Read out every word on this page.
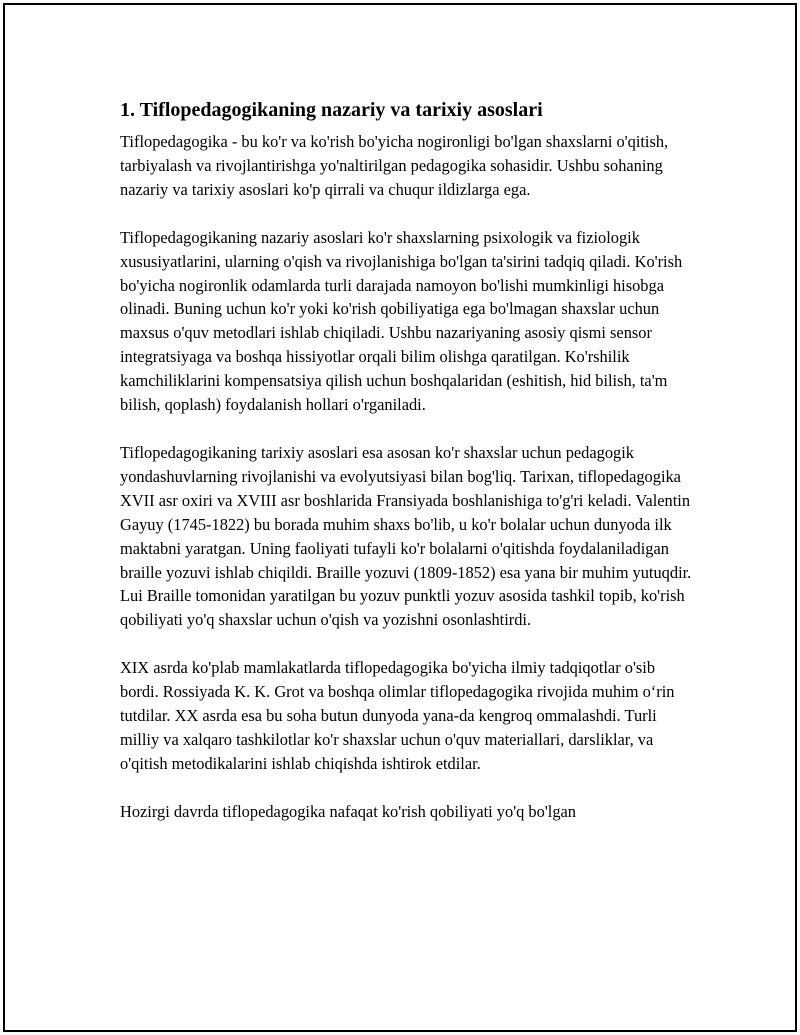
1. Tiflopedagogikaning nazariy va tarixiy asoslari

Tiflopedagogika - bu ko'r va ko'rish bo'yicha nogironligi bo'lgan shaxslarni o'qitish, tarbiyalash va rivojlantirishga yo'naltirilgan pedagogika sohasidir. Ushbu sohaning nazariy va tarixiy asoslari ko'p qirrali va chuqur ildizlarga ega.

Tiflopedagogikaning nazariy asoslari ko'r shaxslarning psixologik va fiziologik xususiyatlarini, ularning o'qish va rivojlanishiga bo'lgan ta'sirini tadqiq qiladi. Ko'rish bo'yicha nogironlik odamlarda turli darajada namoyon bo'lishi mumkinligi hisobga olinadi. Buning uchun ko'r yoki ko'rish qobiliyatiga ega bo'lmagan shaxslar uchun maxsus o'quv metodlari ishlab chiqiladi. Ushbu nazariyaning asosiy qismi sensor integratsiyaga va boshqa hissiyotlar orqali bilim olishga qaratilgan. Ko'rshilik kamchiliklarini kompensatsiya qilish uchun boshqalaridan (eshitish, hid bilish, ta'm bilish, qoplash) foydalanish hollari o'rganiladi.

Tiflopedagogikaning tarixiy asoslari esa asosan ko'r shaxslar uchun pedagogik yondashuvlarning rivojlanishi va evolyutsiyasi bilan bog'liq. Tarixan, tiflopedagogika XVII asr oxiri va XVIII asr boshlarida Fransiyada boshlanishiga to'g'ri keladi. Valentin Gayuy (1745-1822) bu borada muhim shaxs bo'lib, u ko'r bolalar uchun dunyoda ilk maktabni yaratgan. Uning faoliyati tufayli ko'r bolalarni o'qitishda foydalaniladigan braille yozuvi ishlab chiqildi. Braille yozuvi (1809-1852) esa yana bir muhim yutuqdir. Lui Braille tomonidan yaratilgan bu yozuv punktli yozuv asosida tashkil topib, ko'rish qobiliyati yo'q shaxslar uchun o'qish va yozishni osonlashtirdi.

XIX asrda ko'plab mamlakatlarda tiflopedagogika bo'yicha ilmiy tadqiqotlar o'sib bordi. Rossiyada K. K. Grot va boshqa olimlar tiflopedagogika rivojida muhim o‘rin tutdilar. XX asrda esa bu soha butun dunyoda yana-da kengroq ommalashdi. Turli milliy va xalqaro tashkilotlar ko'r shaxslar uchun o'quv materiallari, darsliklar, va o'qitish metodikalarini ishlab chiqishda ishtirok etdilar.

Hozirgi davrda tiflopedagogika nafaqat ko'rish qobiliyati yo'q bo'lgan
